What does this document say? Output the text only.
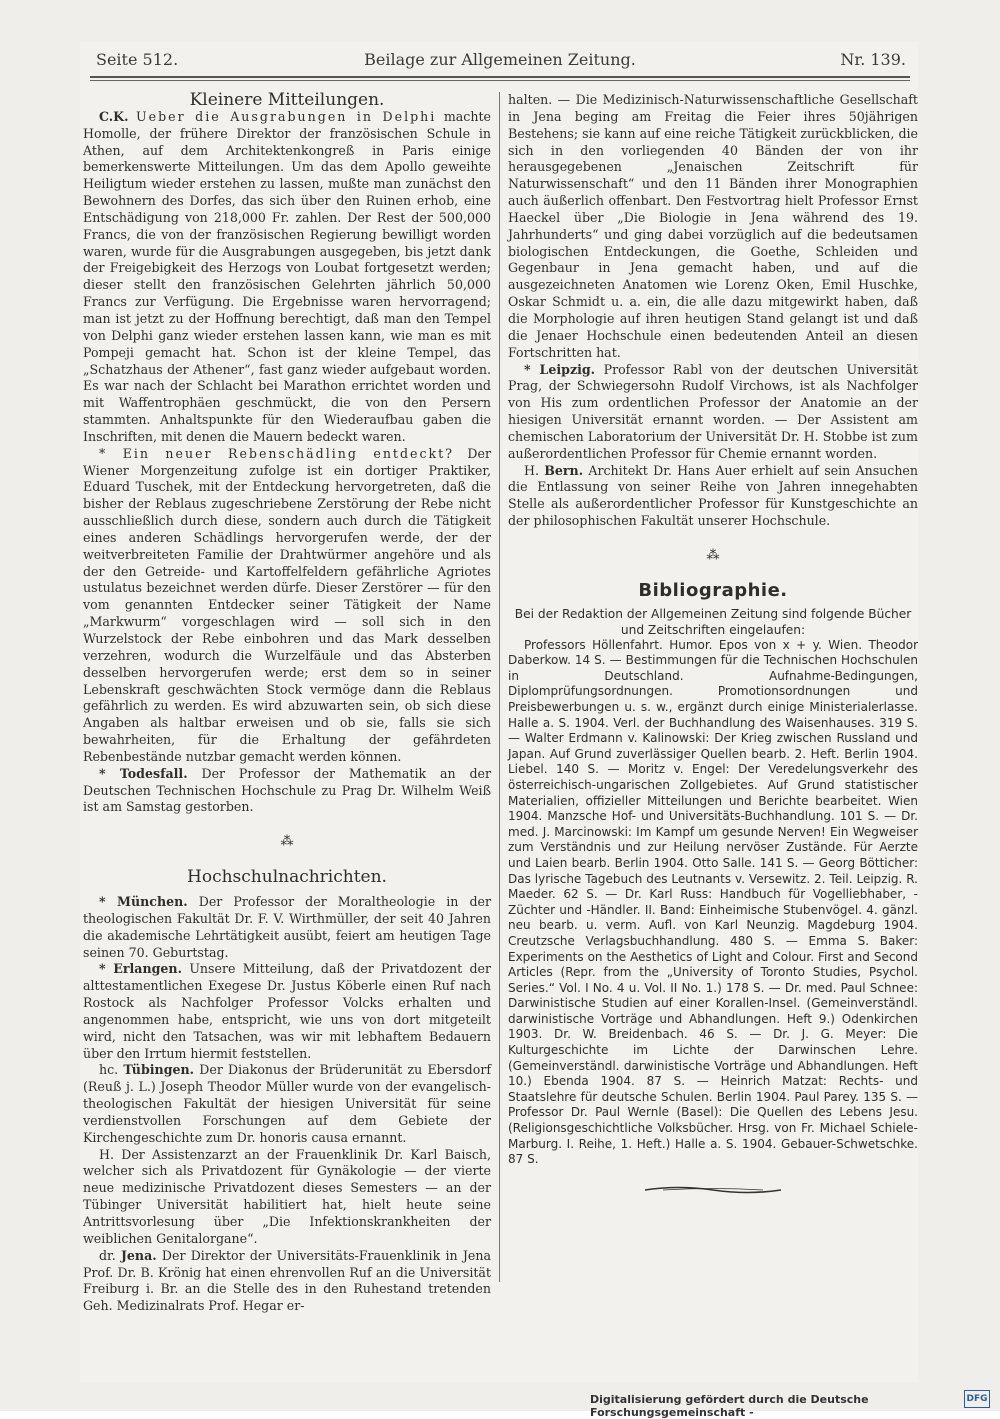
Seite 512.	Beilage zur Allgemeinen Zeitung.	Nr. 139.
Kleinere Mitteilungen.

C.K. Ueber die Ausgrabungen in Delphi machte Homolle, der frühere Direktor der französischen Schule in Athen, auf dem Architektenkongreß in Paris einige bemerkenswerte Mitteilungen. Um das dem Apollo geweihte Heiligtum wieder erstehen zu lassen, mußte man zunächst den Bewohnern des Dorfes, das sich über den Ruinen erhob, eine Entschädigung von 218,000 Fr. zahlen. Der Rest der 500,000 Francs, die von der französischen Regierung bewilligt worden waren, wurde für die Ausgrabungen ausgegeben, bis jetzt dank der Freigebigkeit des Herzogs von Loubat fortgesetzt werden; dieser stellt den französischen Gelehrten jährlich 50,000 Francs zur Verfügung. Die Ergebnisse waren hervorragend; man ist jetzt zu der Hoffnung berechtigt, daß man den Tempel von Delphi ganz wieder erstehen lassen kann, wie man es mit Pompeji gemacht hat. Schon ist der kleine Tempel, das „Schatzhaus der Athener“, fast ganz wieder aufgebaut worden. Es war nach der Schlacht bei Marathon errichtet worden und mit Waffentrophäen geschmückt, die von den Persern stammten. Anhaltspunkte für den Wiederaufbau gaben die Inschriften, mit denen die Mauern bedeckt waren.

* Ein neuer Rebenschädling entdeckt? Der Wiener Morgenzeitung zufolge ist ein dortiger Praktiker, Eduard Tuschek, mit der Entdeckung hervorgetreten, daß die bisher der Reblaus zugeschriebene Zerstörung der Rebe nicht ausschließlich durch diese, sondern auch durch die Tätigkeit eines anderen Schädlings hervorgerufen werde, der der weitverbreiteten Familie der Drahtwürmer angehöre und als der den Getreide- und Kartoffelfeldern gefährliche Agriotes ustulatus bezeichnet werden dürfe. Dieser Zerstörer — für den vom genannten Entdecker seiner Tätigkeit der Name „Markwurm“ vorgeschlagen wird — soll sich in den Wurzelstock der Rebe einbohren und das Mark desselben verzehren, wodurch die Wurzelfäule und das Absterben desselben hervorgerufen werde; erst dem so in seiner Lebenskraft geschwächten Stock vermöge dann die Reblaus gefährlich zu werden. Es wird abzuwarten sein, ob sich diese Angaben als haltbar erweisen und ob sie, falls sie sich bewahrheiten, für die Erhaltung der gefährdeten Rebenbestände nutzbar gemacht werden können.

* Todesfall. Der Professor der Mathematik an der Deutschen Technischen Hochschule zu Prag Dr. Wilhelm Weiß ist am Samstag gestorben.

⁂
Hochschulnachrichten.

* München. Der Professor der Moraltheologie in der theologischen Fakultät Dr. F. V. Wirthmüller, der seit 40 Jahren die akademische Lehrtätigkeit ausübt, feiert am heutigen Tage seinen 70. Geburtstag.

* Erlangen. Unsere Mitteilung, daß der Privatdozent der alttestamentlichen Exegese Dr. Justus Köberle einen Ruf nach Rostock als Nachfolger Professor Volcks erhalten und angenommen habe, entspricht, wie uns von dort mitgeteilt wird, nicht den Tatsachen, was wir mit lebhaftem Bedauern über den Irrtum hiermit feststellen.

hc. Tübingen. Der Diakonus der Brüderunität zu Ebersdorf (Reuß j. L.) Joseph Theodor Müller wurde von der evangelisch-theologischen Fakultät der hiesigen Universität für seine verdienstvollen Forschungen auf dem Gebiete der Kirchengeschichte zum Dr. honoris causa ernannt.

H. Der Assistenzarzt an der Frauenklinik Dr. Karl Baisch, welcher sich als Privatdozent für Gynäkologie — der vierte neue medizinische Privatdozent dieses Semesters — an der Tübinger Universität habilitiert hat, hielt heute seine Antrittsvorlesung über „Die Infektionskrankheiten der weiblichen Genitalorgane“.

dr. Jena. Der Direktor der Universitäts-Frauenklinik in Jena Prof. Dr. B. Krönig hat einen ehrenvollen Ruf an die Universität Freiburg i. Br. an die Stelle des in den Ruhestand tretenden Geh. Medizinalrats Prof. Hegar er-

halten. — Die Medizinisch-Naturwissenschaftliche Gesellschaft in Jena beging am Freitag die Feier ihres 50jährigen Bestehens; sie kann auf eine reiche Tätigkeit zurückblicken, die sich in den vorliegenden 40 Bänden der von ihr herausgegebenen „Jenaischen Zeitschrift für Naturwissenschaft“ und den 11 Bänden ihrer Monographien auch äußerlich offenbart. Den Festvortrag hielt Professor Ernst Haeckel über „Die Biologie in Jena während des 19. Jahrhunderts“ und ging dabei vorzüglich auf die bedeutsamen biologischen Entdeckungen, die Goethe, Schleiden und Gegenbaur in Jena gemacht haben, und auf die ausgezeichneten Anatomen wie Lorenz Oken, Emil Huschke, Oskar Schmidt u. a. ein, die alle dazu mitgewirkt haben, daß die Morphologie auf ihren heutigen Stand gelangt ist und daß die Jenaer Hochschule einen bedeutenden Anteil an diesen Fortschritten hat.

* Leipzig. Professor Rabl von der deutschen Universität Prag, der Schwiegersohn Rudolf Virchows, ist als Nachfolger von His zum ordentlichen Professor der Anatomie an der hiesigen Universität ernannt worden. — Der Assistent am chemischen Laboratorium der Universität Dr. H. Stobbe ist zum außerordentlichen Professor für Chemie ernannt worden.

H. Bern. Architekt Dr. Hans Auer erhielt auf sein Ansuchen die Entlassung von seiner Reihe von Jahren innegehabten Stelle als außerordentlicher Professor für Kunstgeschichte an der philosophischen Fakultät unserer Hochschule.

⁂
Bibliographie.
Bei der Redaktion der Allgemeinen Zeitung sind folgende Bücher und Zeitschriften eingelaufen:

Professors Höllenfahrt. Humor. Epos von x + y. Wien. Theodor Daberkow. 14 S. — Bestimmungen für die Technischen Hochschulen in Deutschland. Aufnahme-Bedingungen, Diplomprüfungsordnungen. Promotionsordnungen und Preisbewerbungen u. s. w., ergänzt durch einige Ministerialerlasse. Halle a. S. 1904. Verl. der Buchhandlung des Waisenhauses. 319 S. — Walter Erdmann v. Kalinowski: Der Krieg zwischen Russland und Japan. Auf Grund zuverlässiger Quellen bearb. 2. Heft. Berlin 1904. Liebel. 140 S. — Moritz v. Engel: Der Veredelungsverkehr des österreichisch-ungarischen Zollgebietes. Auf Grund statistischer Materialien, offizieller Mitteilungen und Berichte bearbeitet. Wien 1904. Manzsche Hof- und Universitäts-Buchhandlung. 101 S. — Dr. med. J. Marcinowski: Im Kampf um gesunde Nerven! Ein Wegweiser zum Verständnis und zur Heilung nervöser Zustände. Für Aerzte und Laien bearb. Berlin 1904. Otto Salle. 141 S. — Georg Bötticher: Das lyrische Tagebuch des Leutnants v. Versewitz. 2. Teil. Leipzig. R. Maeder. 62 S. — Dr. Karl Russ: Handbuch für Vogelliebhaber, -Züchter und -Händler. II. Band: Einheimische Stubenvögel. 4. gänzl. neu bearb. u. verm. Aufl. von Karl Neunzig. Magdeburg 1904. Creutzsche Verlagsbuchhandlung. 480 S. — Emma S. Baker: Experiments on the Aesthetics of Light and Colour. First and Second Articles (Repr. from the „University of Toronto Studies, Psychol. Series.“ Vol. I No. 4 u. Vol. II No. 1.) 178 S. — Dr. med. Paul Schnee: Darwinistische Studien auf einer Korallen-Insel. (Gemeinverständl. darwinistische Vorträge und Abhandlungen. Heft 9.) Odenkirchen 1903. Dr. W. Breidenbach. 46 S. — Dr. J. G. Meyer: Die Kulturgeschichte im Lichte der Darwinschen Lehre. (Gemeinverständl. darwinistische Vorträge und Abhandlungen. Heft 10.) Ebenda 1904. 87 S. — Heinrich Matzat: Rechts- und Staatslehre für deutsche Schulen. Berlin 1904. Paul Parey. 135 S. — Professor Dr. Paul Wernle (Basel): Die Quellen des Lebens Jesu. (Religionsgeschichtliche Volksbücher. Hrsg. von Fr. Michael Schiele-Marburg. I. Reihe, 1. Heft.) Halle a. S. 1904. Gebauer-Schwetschke. 87 S.

Digitalisierung gefördert durch die Deutsche Forschungsgemeinschaft -
DFG
